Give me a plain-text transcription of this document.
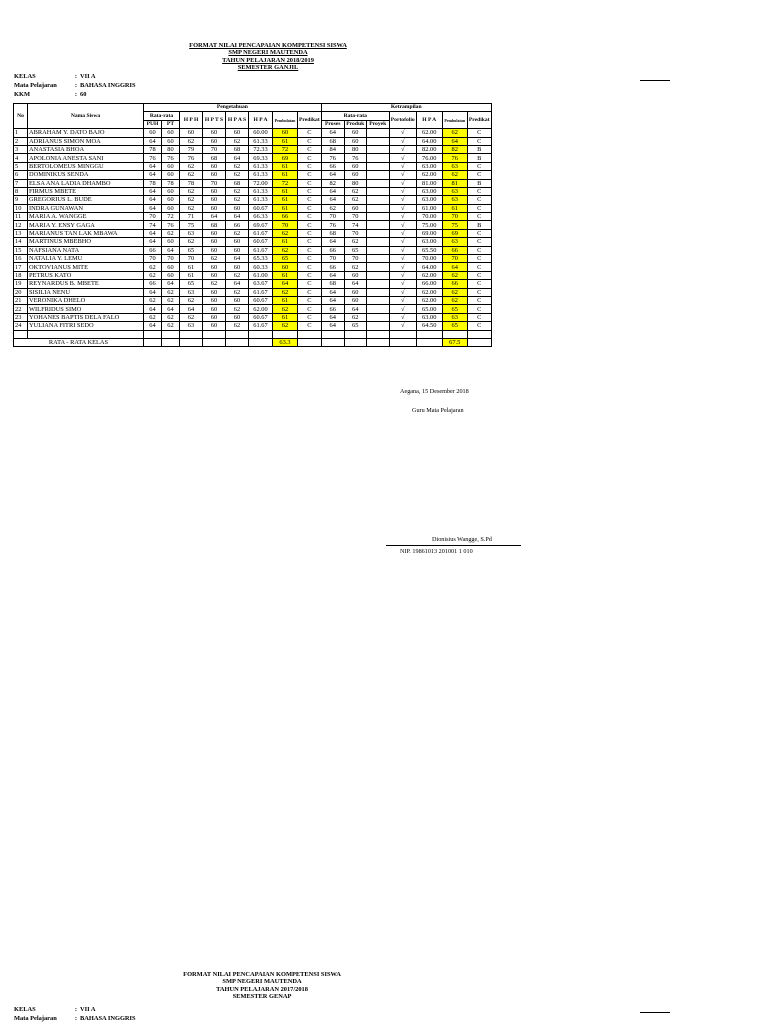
FORMAT NILAI PENCAPAIAN KOMPETENSI SISWA
SMP NEGERI MAUTENDA
TAHUN PELAJARAN 2018/2019
SEMESTER GANJIL
KELAS	: VII A
Mata Pelajaran	: BAHASA INGGRIS
KKM	: 60
No	Nama Siswa	Pengetahuan								Ketrampilan						
		Rata-rata		H P H	H P T S	H P A S	H P A	Pembulatan	Predikat	Rata-rata			Portofolio	H P A	Pembulatan	Predikat
		PUH	PT							Proses	Produk	Proyek				
1	ABRAHAM Y. DATO BAJO	60	60	60	60	60	60.00	60	C	64	60		√	62.00	62	C
2	ADRIANUS SIMON MOA	64	60	62	60	62	61.33	61	C	68	60		√	64.00	64	C
3	ANASTASIA BHOA	78	80	79	70	68	72.33	72	C	84	80		√	82.00	82	B
4	APOLONIA ANESTA SANI	76	76	76	68	64	69.33	69	C	76	76		√	76.00	76	B
5	BERTOLOMEUS MINGGU	64	60	62	60	62	61.33	61	C	66	60		√	63.00	63	C
6	DOMINIKUS SENDA	64	60	62	60	62	61.33	61	C	64	60		√	62.00	62	C
7	ELSA ANA LADIA DHAMBO	78	78	78	70	68	72.00	72	C	82	80		√	81.00	81	B
8	FIRMUS MBETE	64	60	62	60	62	61.33	61	C	64	62		√	63.00	63	C
9	GREGORIUS L. BUDE	64	60	62	60	62	61.33	61	C	64	62		√	63.00	63	C
10	INDRA GUNAWAN	64	60	62	60	60	60.67	61	C	62	60		√	61.00	61	C
11	MARIA A. WANGGE	70	72	71	64	64	66.33	66	C	70	70		√	70.00	70	C
12	MARIA Y. ENSY GAGA	74	76	75	68	66	69.67	70	C	76	74		√	75.00	75	B
13	MARIANUS TAN LAK MBAWA	64	62	63	60	62	61.67	62	C	68	70		√	69.00	69	C
14	MARTINUS MBEBHO	64	60	62	60	60	60.67	61	C	64	62		√	63.00	63	C
15	NAFSIANA NATA	66	64	65	60	60	61.67	62	C	66	65		√	65.50	66	C
16	NATALIA Y. LEMU	70	70	70	62	64	65.33	65	C	70	70		√	70.00	70	C
17	OKTOVIANUS MITE	62	60	61	60	60	60.33	60	C	66	62		√	64.00	64	C
18	PETRUS KATO	62	60	61	60	62	61.00	61	C	64	60		√	62.00	62	C
19	REYNARDUS B. MBETE	66	64	65	62	64	63.67	64	C	68	64		√	66.00	66	C
20	SISILIA NENU	64	62	63	60	62	61.67	62	C	64	60		√	62.00	62	C
21	VERONIKA DHELO	62	62	62	60	60	60.67	61	C	64	60		√	62.00	62	C
22	WILFRIDUS SIMO	64	64	64	60	62	62.00	62	C	66	64		√	65.00	65	C
23	YOHANES BAPTIS DELA FALO	62	62	62	60	60	60.67	61	C	64	62		√	63.00	63	C
24	YULIANA FITRI SEDO	64	62	63	60	62	61.67	62	C	64	65		√	64.50	65	C

RATA - RATA KELAS								63.3							67.5	
Aegana, 15 Desember 2018
Guru Mata Pelajaran
Dionisius Wangge, S.Pd
NIP. 19861013 201001 1 010
FORMAT NILAI PENCAPAIAN KOMPETENSI SISWA
SMP NEGERI MAUTENDA
TAHUN PELAJARAN 2017/2018
SEMESTER GENAP
KELAS	: VII A
Mata Pelajaran	: BAHASA INGGRIS
